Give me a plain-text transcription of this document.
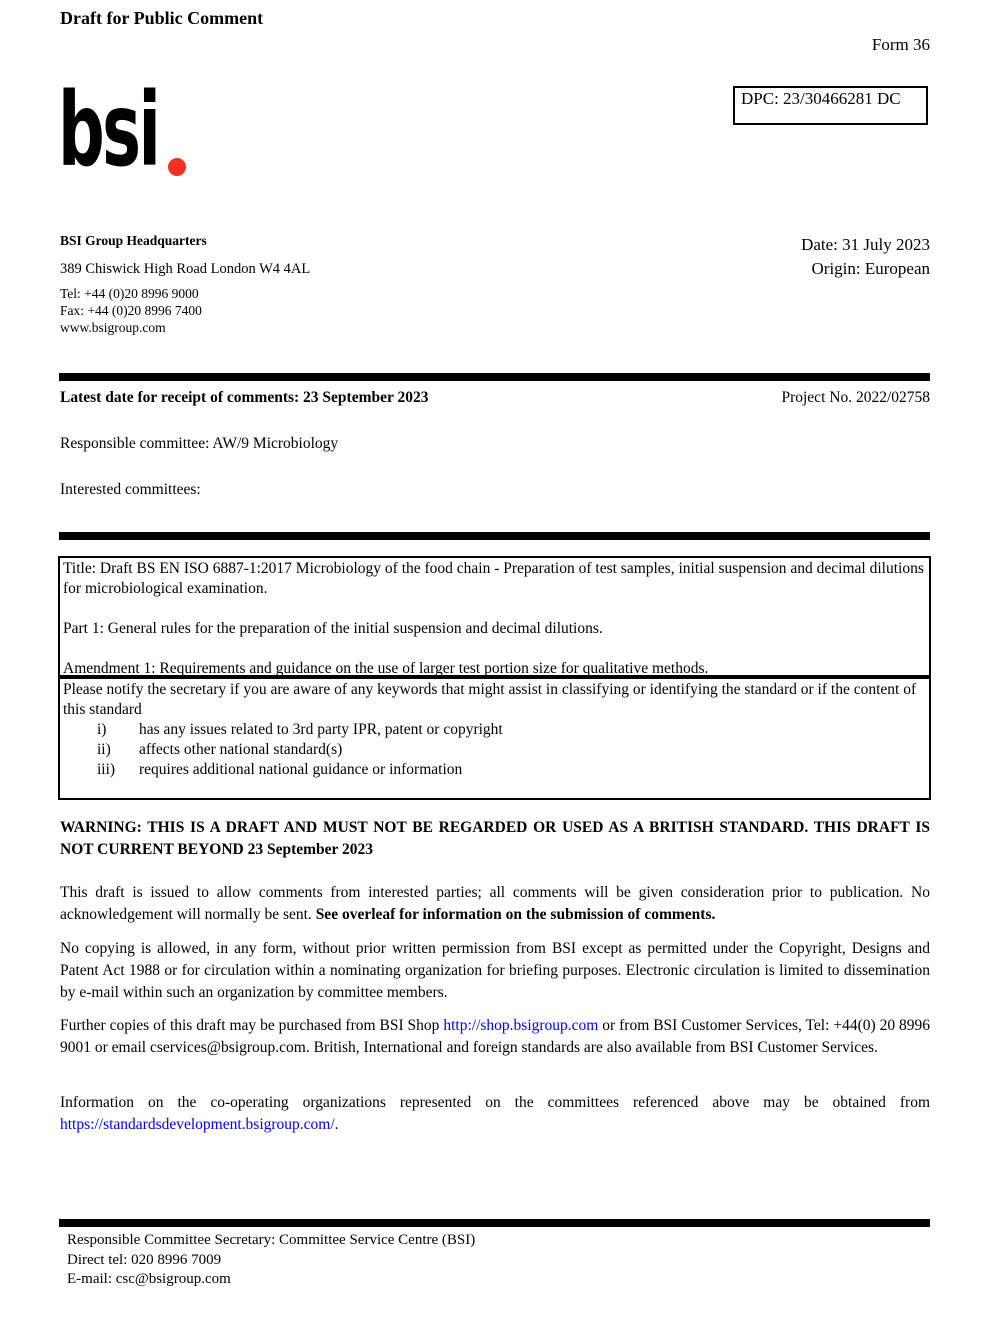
Draft for Public Comment
Form 36
DPC: 23/30466281 DC
bsi
BSI Group Headquarters
389 Chiswick High Road London W4 4AL
Tel: +44 (0)20 8996 9000
Fax: +44 (0)20 8996 7400
www.bsigroup.com
Date: 31 July 2023
Origin: European
Latest date for receipt of comments: 23 September 2023	Project No. 2022/02758
Responsible committee: AW/9 Microbiology
Interested committees:

Title: Draft BS EN ISO 6887-1:2017 Microbiology of the food chain - Preparation of test samples, initial suspension and decimal dilutions for microbiological examination.

Part 1: General rules for the preparation of the initial suspension and decimal dilutions.

Amendment 1: Requirements and guidance on the use of larger test portion size for qualitative methods.

Please notify the secretary if you are aware of any keywords that might assist in classifying or identifying the standard or if the content of this standard

i) has any issues related to 3rd party IPR, patent or copyright
ii) affects other national standard(s)
iii) requires additional national guidance or information

WARNING: THIS IS A DRAFT AND MUST NOT BE REGARDED OR USED AS A BRITISH STANDARD. THIS DRAFT IS NOT CURRENT BEYOND 23 September 2023

This draft is issued to allow comments from interested parties; all comments will be given consideration prior to publication. No acknowledgement will normally be sent. See overleaf for information on the submission of comments.

No copying is allowed, in any form, without prior written permission from BSI except as permitted under the Copyright, Designs and Patent Act 1988 or for circulation within a nominating organization for briefing purposes. Electronic circulation is limited to dissemination by e-mail within such an organization by committee members.

Further copies of this draft may be purchased from BSI Shop http://shop.bsigroup.com or from BSI Customer Services, Tel: +44(0) 20 8996 9001 or email cservices@bsigroup.com. British, International and foreign standards are also available from BSI Customer Services.

Information on the co-operating organizations represented on the committees referenced above may be obtained from https://standardsdevelopment.bsigroup.com/.

Responsible Committee Secretary: Committee Service Centre (BSI)
Direct tel: 020 8996 7009
E-mail: csc@bsigroup.com
